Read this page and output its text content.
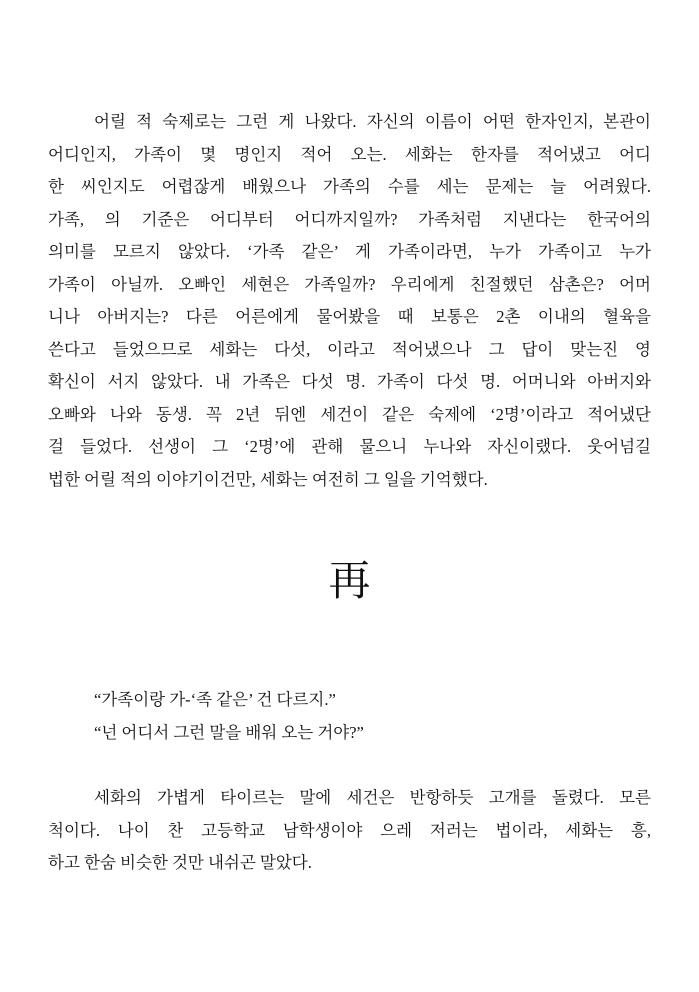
어릴 적 숙제로는 그런 게 나왔다. 자신의 이름이 어떤 한자인지, 본관이
어디인지, 가족이 몇 명인지 적어 오는. 세화는 한자를 적어냈고 어디
한 씨인지도 어렵잖게 배웠으나 가족의 수를 세는 문제는 늘 어려웠다.
가족, 의 기준은 어디부터 어디까지일까? 가족처럼 지낸다는 한국어의
의미를 모르지 않았다. ‘가족 같은’ 게 가족이라면, 누가 가족이고 누가
가족이 아닐까. 오빠인 세현은 가족일까? 우리에게 친절했던 삼촌은? 어머
니나 아버지는? 다른 어른에게 물어봤을 때 보통은 2촌 이내의 혈육을
쓴다고 들었으므로 세화는 다섯, 이라고 적어냈으나 그 답이 맞는진 영
확신이 서지 않았다. 내 가족은 다섯 명. 가족이 다섯 명. 어머니와 아버지와
오빠와 나와 동생. 꼭 2년 뒤엔 세건이 같은 숙제에 ‘2명’이라고 적어냈단
걸 들었다. 선생이 그 ‘2명’에 관해 물으니 누나와 자신이랬다. 웃어넘길
법한 어릴 적의 이야기이건만, 세화는 여전히 그 일을 기억했다.
再
“가족이랑 가-‘족 같은’ 건 다르지.”
“넌 어디서 그런 말을 배워 오는 거야?”
세화의 가볍게 타이르는 말에 세건은 반항하듯 고개를 돌렸다. 모른
척이다. 나이 찬 고등학교 남학생이야 으레 저러는 법이라, 세화는 흥,
하고 한숨 비슷한 것만 내쉬곤 말았다.
